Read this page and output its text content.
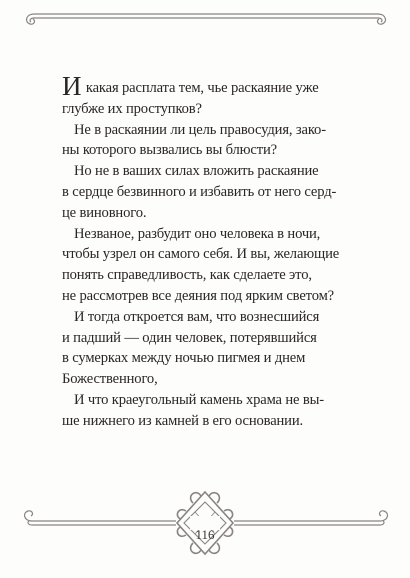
И какая расплата тем, чье раскаяние уже
глубже их проступков?

Не в раскаянии ли цель правосудия, зако-
ны которого вызвались вы блюсти?

Но не в ваших силах вложить раскаяние
в сердце безвинного и избавить от него серд-
це виновного.

Незваное, разбудит оно человека в ночи,
чтобы узрел он самого себя. И вы, желающие
понять справедливость, как сделаете это,
не рассмотрев все деяния под ярким светом?

И тогда откроется вам, что вознесшийся
и падший — один человек, потерявшийся
в сумерках между ночью пигмея и днем
Божественного,

И что краеугольный камень храма не вы-
ше нижнего из камней в его основании.

116
